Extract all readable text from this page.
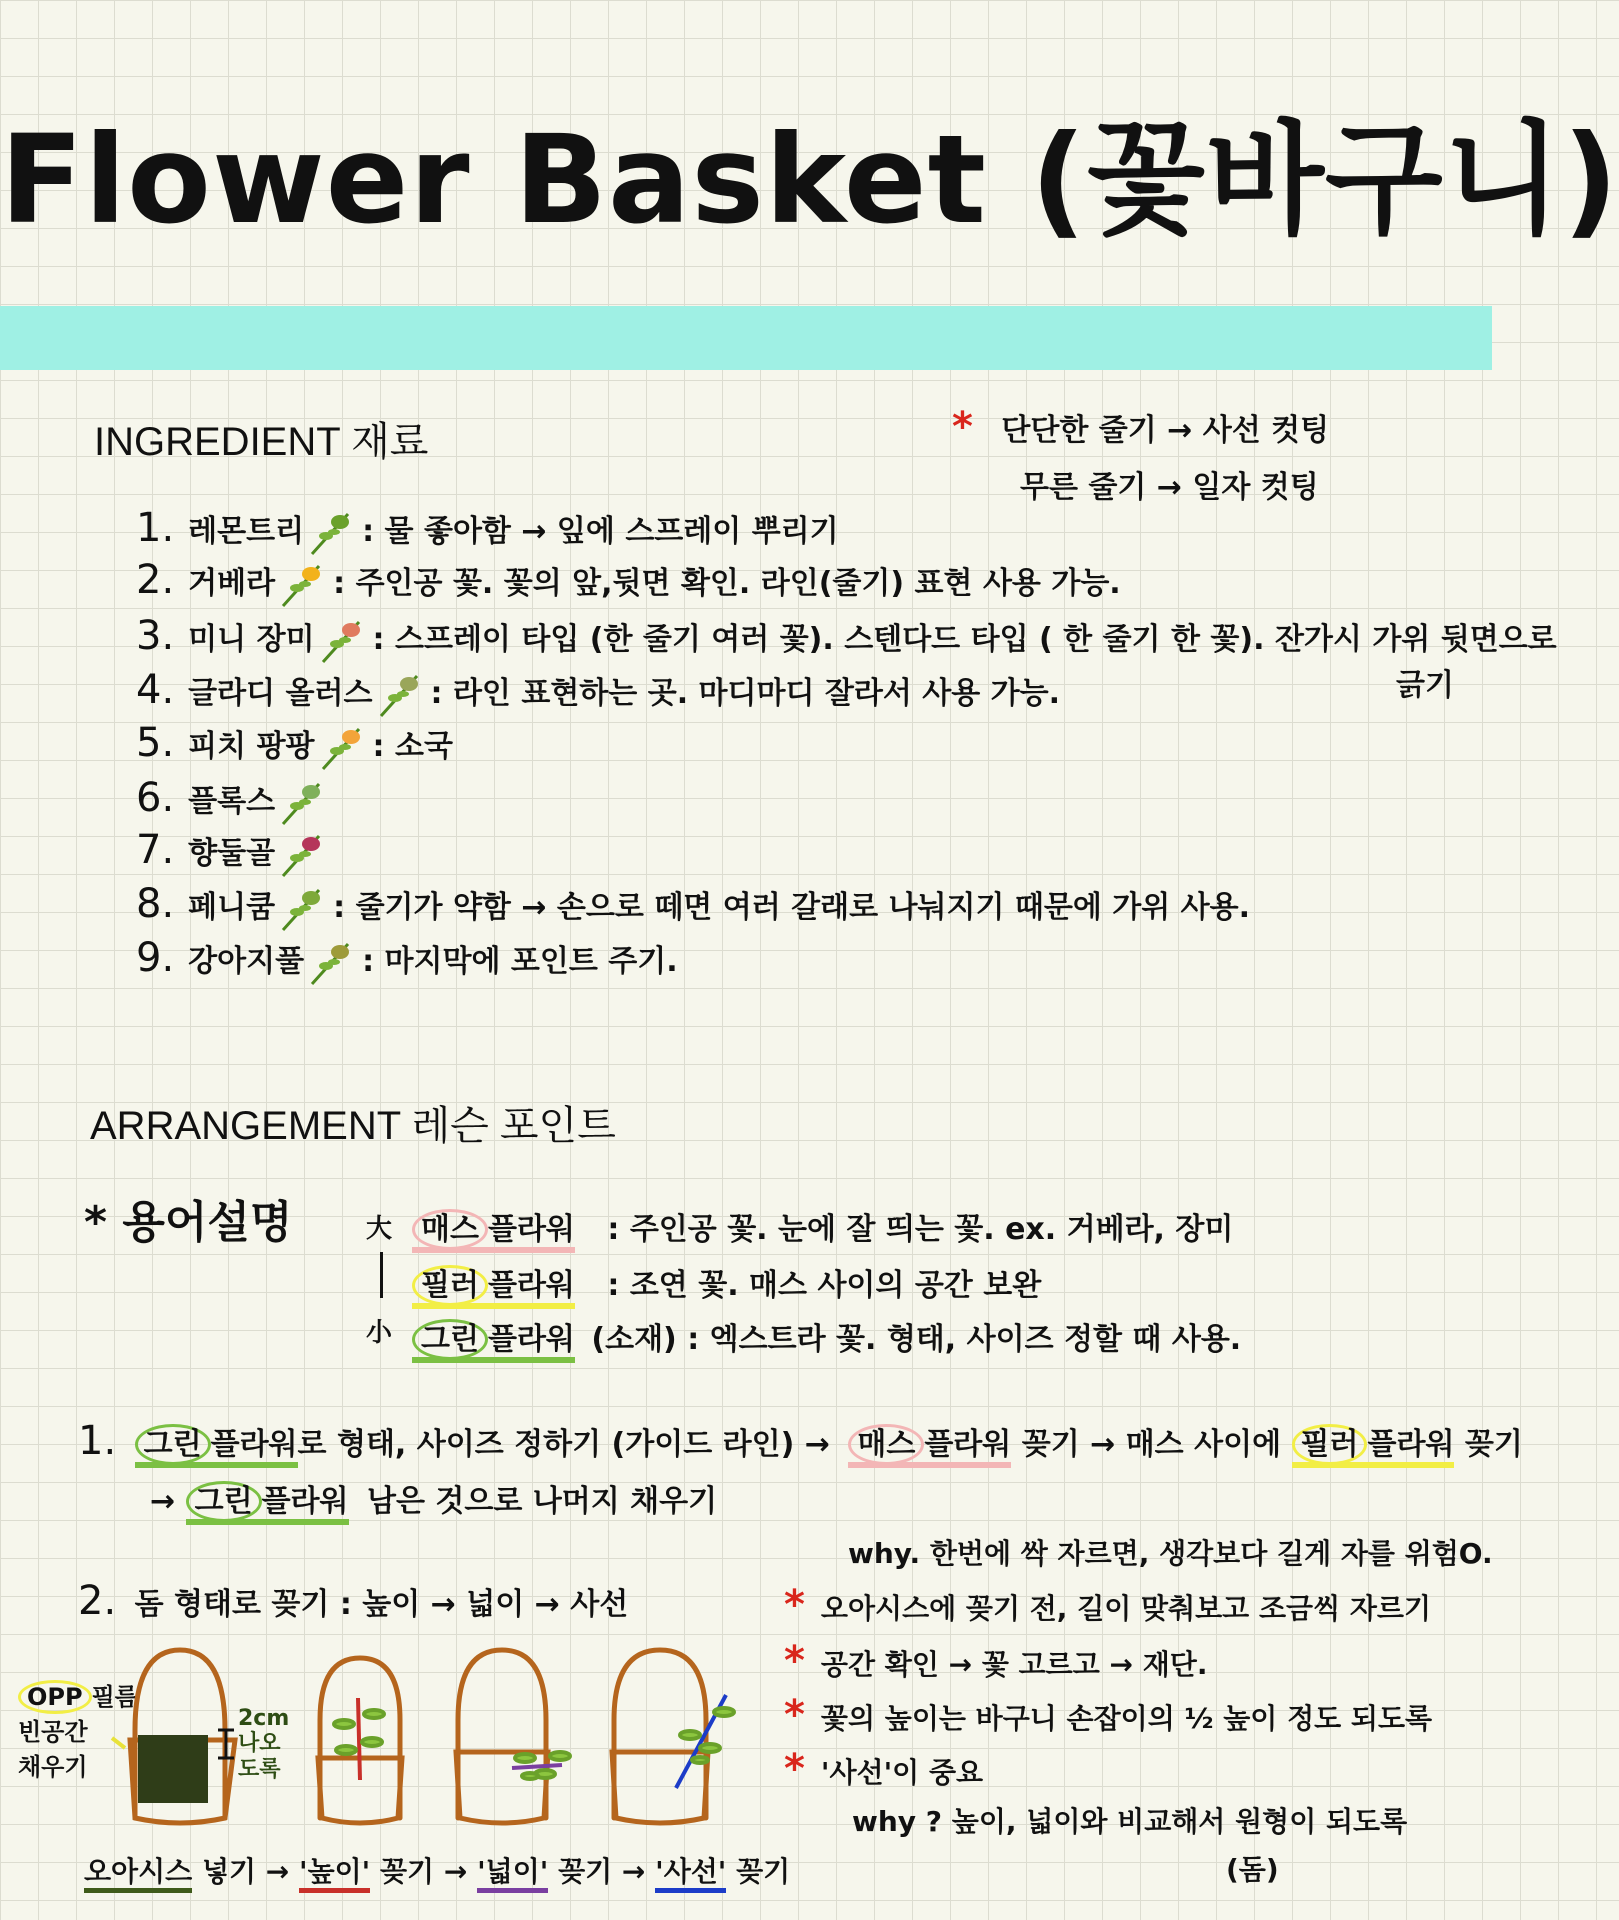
Flower Basket (꽃바구니)
INGREDIENT 재료	* 단단한 줄기 → 사선 컷팅
무른 줄기 → 일자 컷팅
1. 레몬트리 : 물 좋아함 → 잎에 스프레이 뿌리기
2. 거베라 : 주인공 꽃. 꽃의 앞,뒷면 확인. 라인(줄기) 표현 사용 가능.
3. 미니 장미 : 스프레이 타입 (한 줄기 여러 꽃). 스텐다드 타입 ( 한 줄기 한 꽃). 잔가시 가위 뒷면으로
4. 글라디 올러스 : 라인 표현하는 곳. 마디마디 잘라서 사용 가능.
5. 피치 팡팡 : 소국
6. 플록스
7. 향둘골
8. 페니쿰 : 줄기가 약함 → 손으로 떼면 여러 갈래로 나눠지기 때문에 가위 사용.
9. 강아지풀 : 마지막에 포인트 주기.
긁기
ARRANGEMENT 레슨 포인트
* 용어설명	大
小
매스 플라워 : 주인공 꽃. 눈에 잘 띄는 꽃. ex. 거베라, 장미
필러 플라워 : 조연 꽃. 매스 사이의 공간 보완
그린 플라워 (소재) : 엑스트라 꽃. 형태, 사이즈 정할 때 사용.
1. 그린 플라워로 형태, 사이즈 정하기 (가이드 라인) → 매스 플라워 꽂기 → 매스 사이에 필러 플라워 꽂기
→ 그린 플라워 남은 것으로 나머지 채우기
2. 돔 형태로 꽂기 : 높이 → 넓이 → 사선
why. 한번에 싹 자르면, 생각보다 길게 자를 위험O.
* 오아시스에 꽂기 전, 길이 맞춰보고 조금씩 자르기
* 공간 확인 → 꽃 고르고 → 재단.
* 꽃의 높이는 바구니 손잡이의 ½ 높이 정도 되도록
* '사선'이 중요
why ? 높이, 넓이와 비교해서 원형이 되도록
(돔)
OPP 필름
빈공간
채우기
2cm
나오
도록
오아시스 넣기 → '높이' 꽂기 → '넓이' 꽂기 → '사선' 꽂기
